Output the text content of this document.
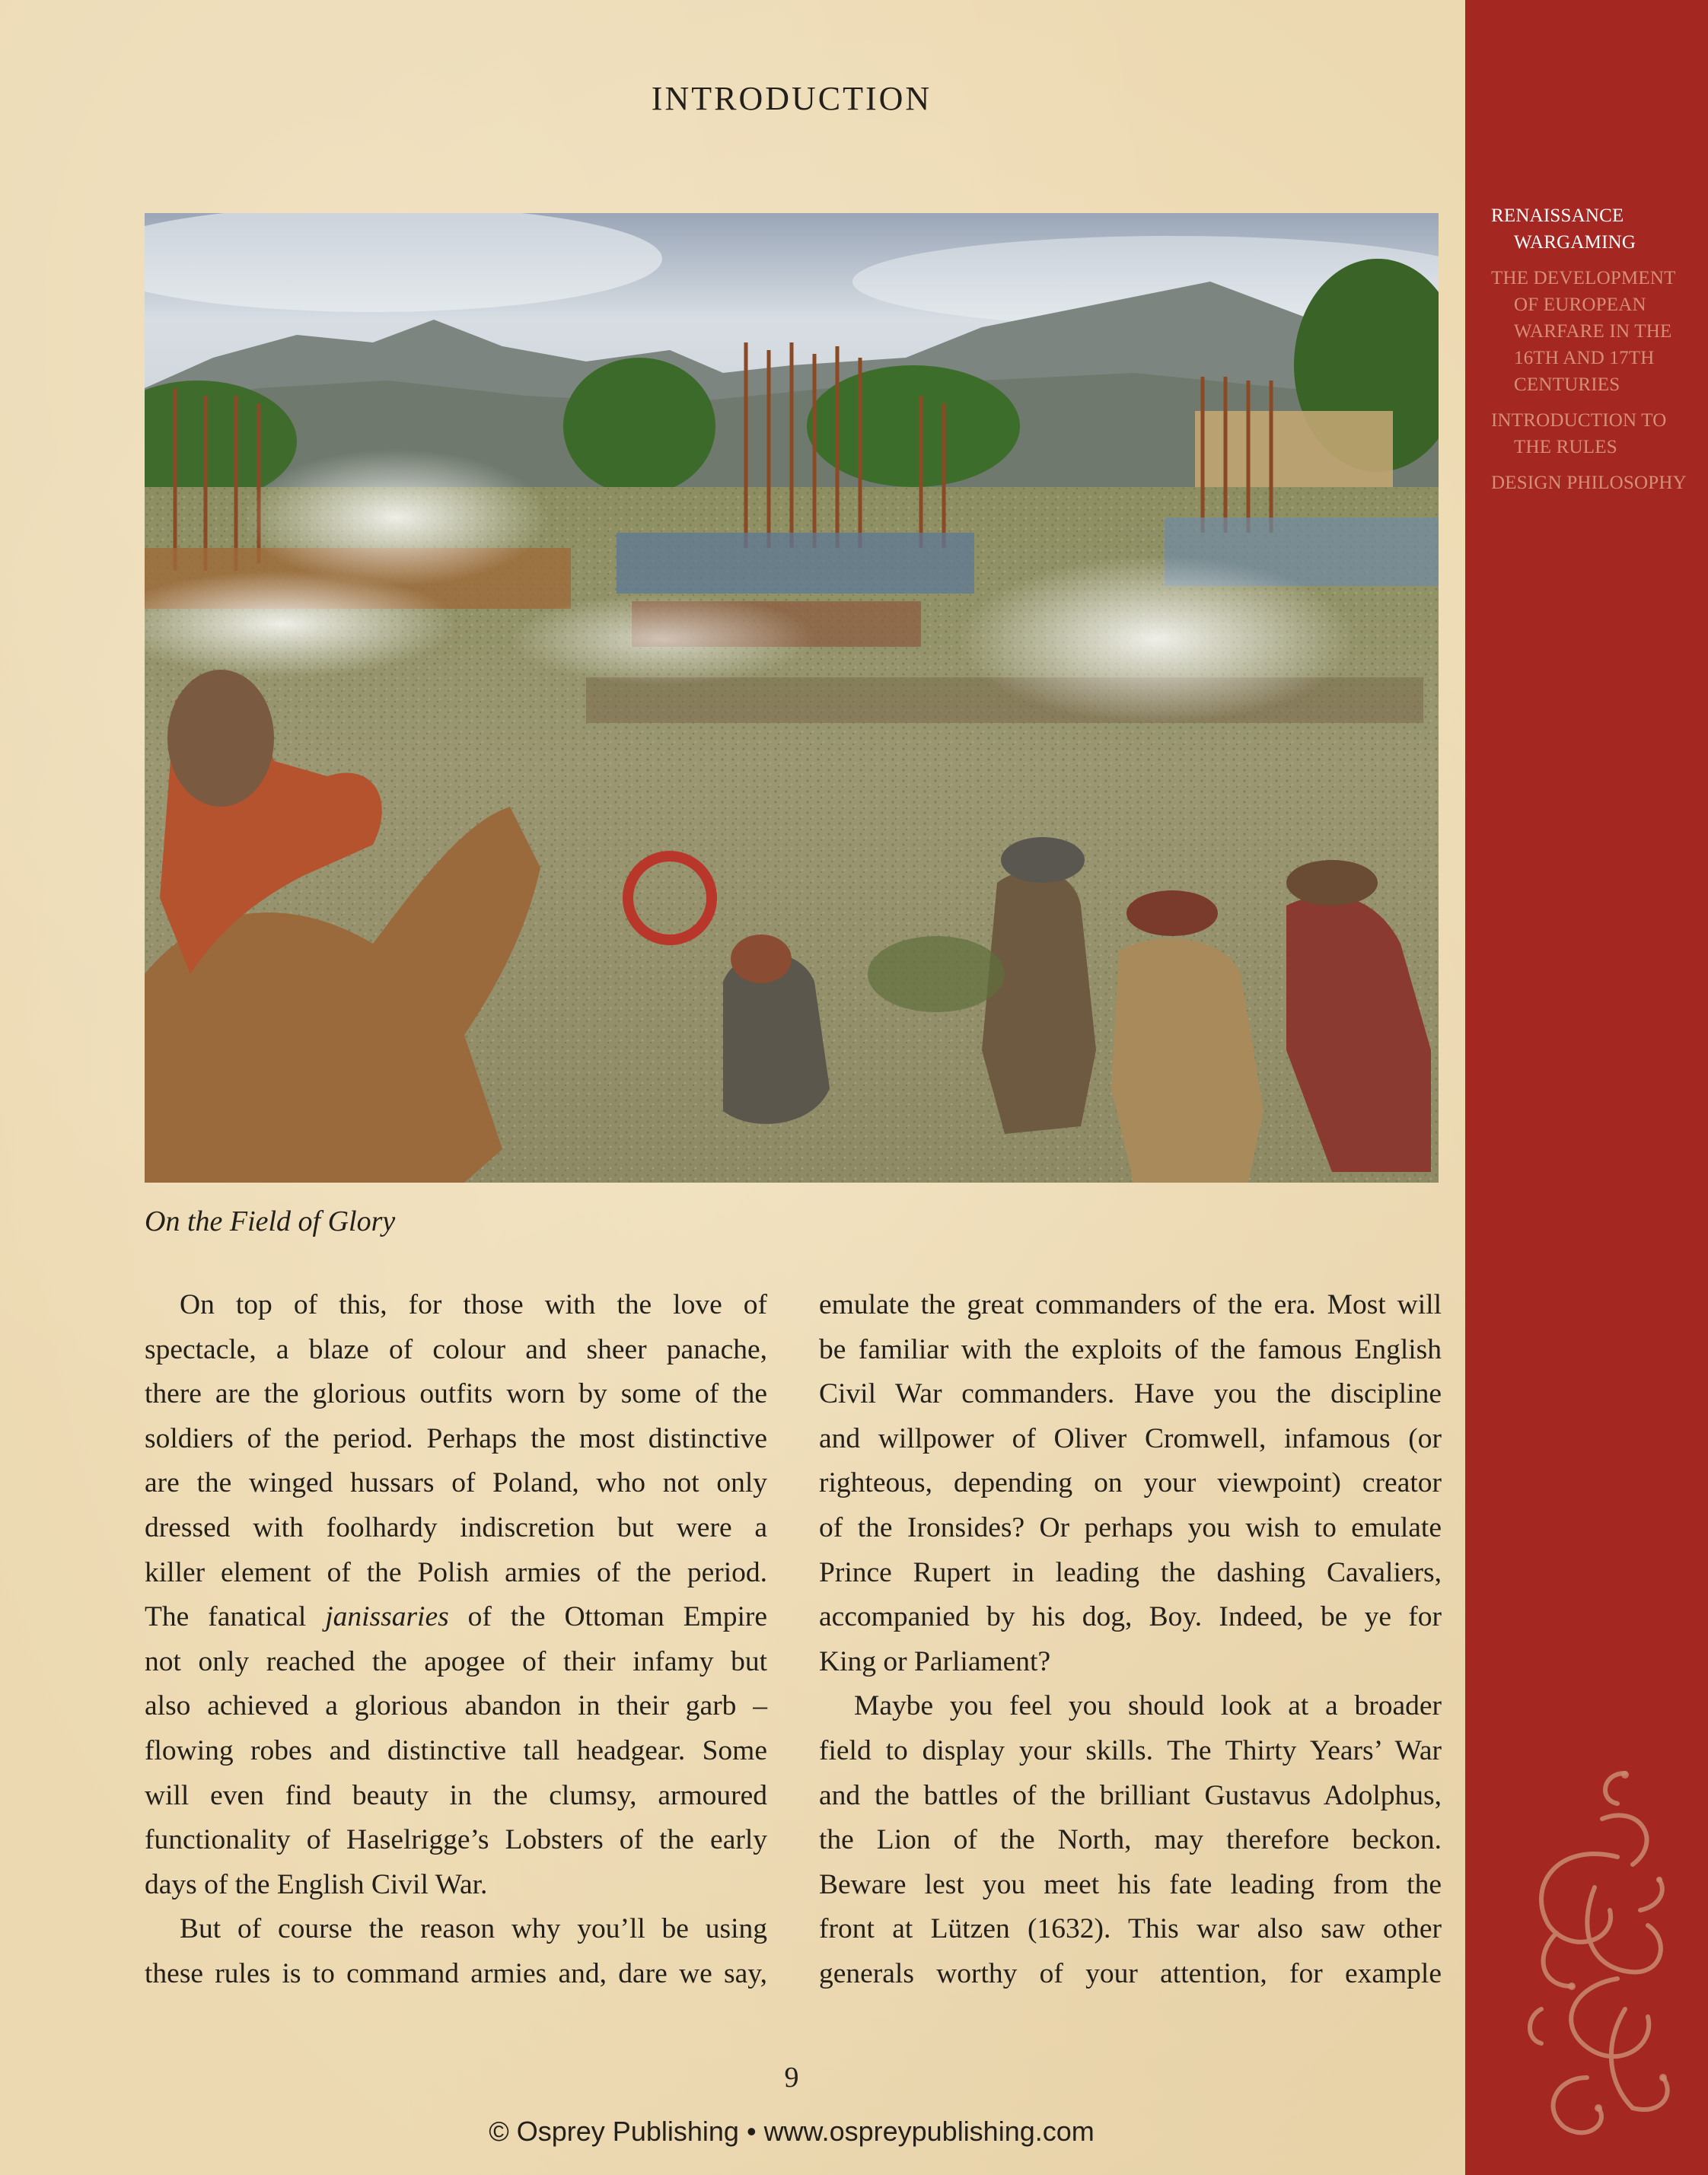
INTRODUCTION
On the Field of Glory
On top of this, for those with the love of
spectacle, a blaze of colour and sheer panache,
there are the glorious outfits worn by some of the
soldiers of the period. Perhaps the most distinctive
are the winged hussars of Poland, who not only
dressed with foolhardy indiscretion but were a
killer element of the Polish armies of the period.
The fanatical janissaries of the Ottoman Empire
not only reached the apogee of their infamy but
also achieved a glorious abandon in their garb –
flowing robes and distinctive tall headgear. Some
will even find beauty in the clumsy, armoured
functionality of Haselrigge’s Lobsters of the early
days of the English Civil War.
But of course the reason why you’ll be using
these rules is to command armies and, dare we say,
emulate the great commanders of the era. Most will
be familiar with the exploits of the famous English
Civil War commanders. Have you the discipline
and willpower of Oliver Cromwell, infamous (or
righteous, depending on your viewpoint) creator
of the Ironsides? Or perhaps you wish to emulate
Prince Rupert in leading the dashing Cavaliers,
accompanied by his dog, Boy. Indeed, be ye for
King or Parliament?
Maybe you feel you should look at a broader
field to display your skills. The Thirty Years’ War
and the battles of the brilliant Gustavus Adolphus,
the Lion of the North, may therefore beckon.
Beware lest you meet his fate leading from the
front at Lützen (1632). This war also saw other
generals worthy of your attention, for example
9
© Osprey Publishing • www.ospreypublishing.com
RENAISSANCE WARGAMING
THE DEVELOPMENT OF EUROPEAN WARFARE IN THE 16TH AND 17TH CENTURIES
INTRODUCTION TO THE RULES
DESIGN PHILOSOPHY
